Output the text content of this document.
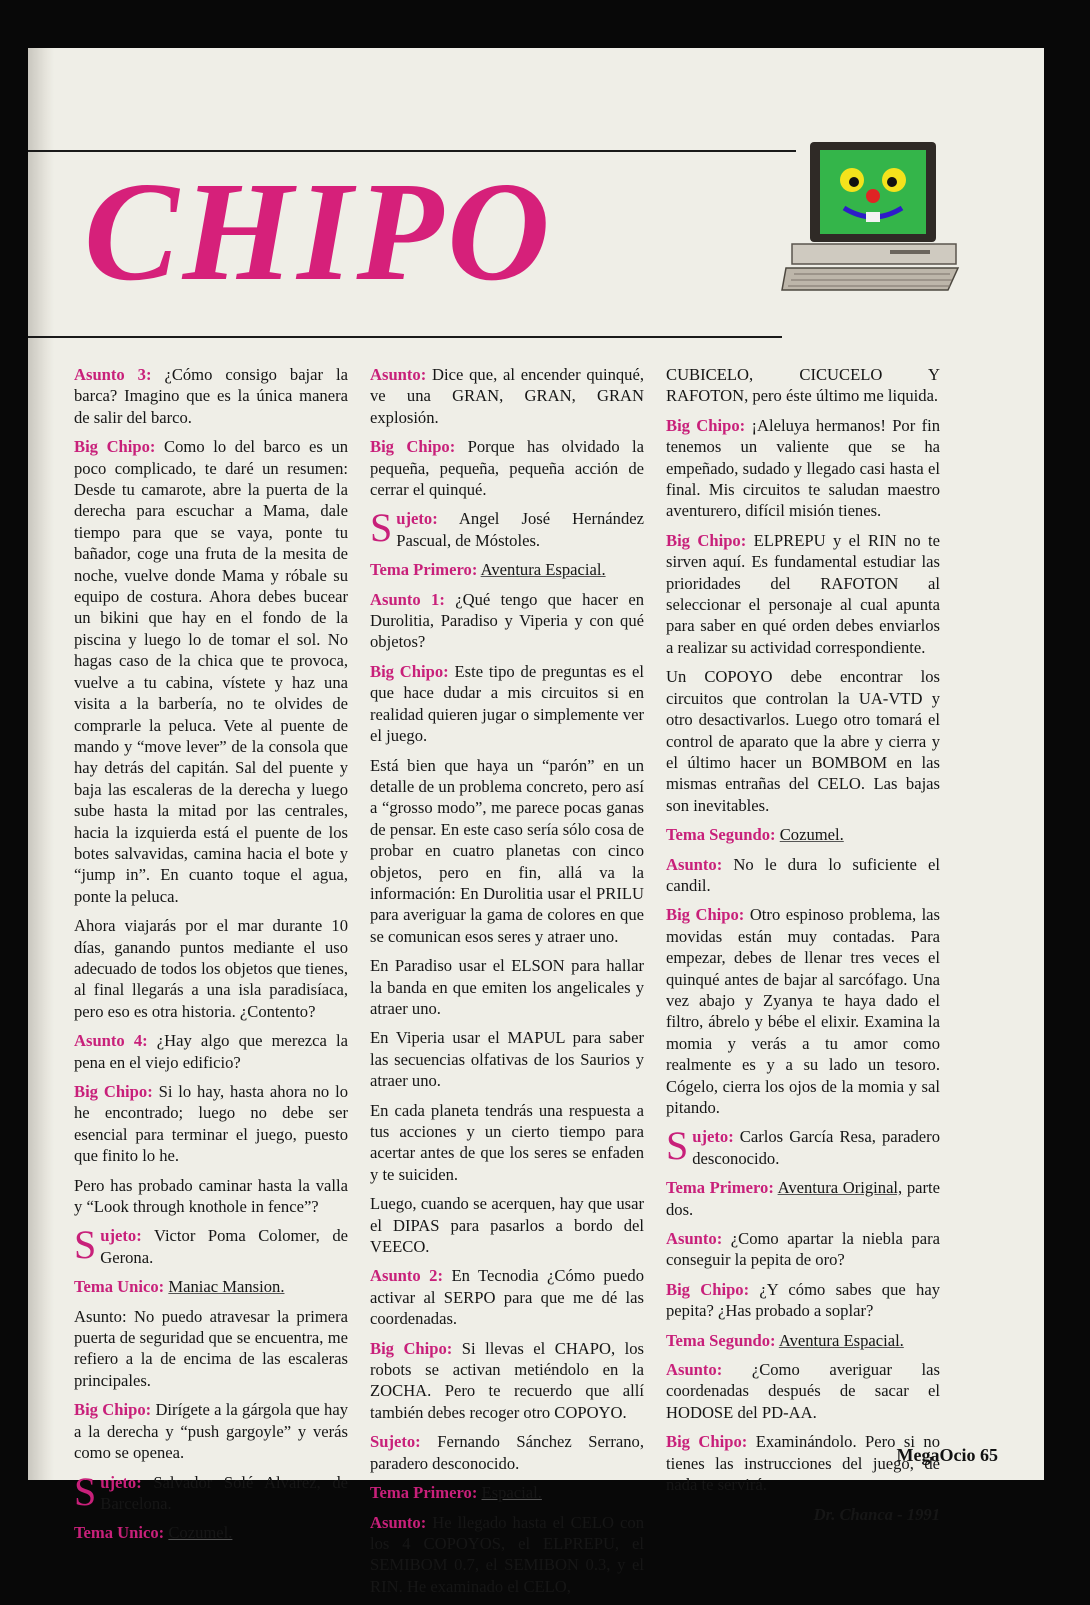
CHIPO

Asunto 3: ¿Cómo consigo bajar la barca? Imagino que es la única manera de salir del barco.

Big Chipo: Como lo del barco es un poco complicado, te daré un resumen: Desde tu camarote, abre la puerta de la derecha para escuchar a Mama, dale tiempo para que se vaya, ponte tu bañador, coge una fruta de la mesita de noche, vuelve donde Mama y róbale su equipo de costura. Ahora debes bucear un bikini que hay en el fondo de la piscina y luego lo de tomar el sol. No hagas caso de la chica que te provoca, vuelve a tu cabina, vístete y haz una visita a la barbería, no te olvides de comprarle la peluca. Vete al puente de mando y “move lever” de la consola que hay detrás del capitán. Sal del puente y baja las escaleras de la derecha y luego sube hasta la mitad por las centrales, hacia la izquierda está el puente de los botes salvavidas, camina hacia el bote y “jump in”. En cuanto toque el agua, ponte la peluca.

Ahora viajarás por el mar durante 10 días, ganando puntos mediante el uso adecuado de todos los objetos que tienes, al final llegarás a una isla paradisíaca, pero eso es otra historia. ¿Contento?

Asunto 4: ¿Hay algo que merezca la pena en el viejo edificio?

Big Chipo: Si lo hay, hasta ahora no lo he encontrado; luego no debe ser esencial para terminar el juego, puesto que finito lo he.

Pero has probado caminar hasta la valla y “Look through knothole in fence”?

Sujeto: Victor Poma Colomer, de Gerona.

Tema Unico: Maniac Mansion.

Asunto: No puedo atravesar la primera puerta de seguridad que se encuentra, me refiero a la de encima de las escaleras principales.

Big Chipo: Dirígete a la gárgola que hay a la derecha y “push gargoyle” y verás como se openea.

Sujeto: Salvador Solé Alvarez, de Barcelona.

Tema Unico: Cozumel.

Asunto: Dice que, al encender quinqué, ve una GRAN, GRAN, GRAN explosión.

Big Chipo: Porque has olvidado la pequeña, pequeña, pequeña acción de cerrar el quinqué.

Sujeto: Angel José Hernández Pascual, de Móstoles.

Tema Primero: Aventura Espacial.

Asunto 1: ¿Qué tengo que hacer en Durolitia, Paradiso y Viperia y con qué objetos?

Big Chipo: Este tipo de preguntas es el que hace dudar a mis circuitos si en realidad quieren jugar o simplemente ver el juego.

Está bien que haya un “parón” en un detalle de un problema concreto, pero así a “grosso modo”, me parece pocas ganas de pensar. En este caso sería sólo cosa de probar en cuatro planetas con cinco objetos, pero en fin, allá va la información: En Durolitia usar el PRILU para averiguar la gama de colores en que se comunican esos seres y atraer uno.

En Paradiso usar el ELSON para hallar la banda en que emiten los angelicales y atraer uno.

En Viperia usar el MAPUL para saber las secuencias olfativas de los Saurios y atraer uno.

En cada planeta tendrás una respuesta a tus acciones y un cierto tiempo para acertar antes de que los seres se enfaden y te suiciden.

Luego, cuando se acerquen, hay que usar el DIPAS para pasarlos a bordo del VEECO.

Asunto 2: En Tecnodia ¿Cómo puedo activar al SERPO para que me dé las coordenadas.

Big Chipo: Si llevas el CHAPO, los robots se activan metiéndolo en la ZOCHA. Pero te recuerdo que allí también debes recoger otro COPOYO.

Sujeto: Fernando Sánchez Serrano, paradero desconocido.

Tema Primero: Espacial.

Asunto: He llegado hasta el CELO con los 4 COPOYOS, el ELPREPU, el SEMIBOM 0.7, el SEMIBON 0.3, y el RIN. He examinado el CELO,

CUBICELO, CICUCELO Y RAFOTON, pero éste último me liquida.

Big Chipo: ¡Aleluya hermanos! Por fin tenemos un valiente que se ha empeñado, sudado y llegado casi hasta el final. Mis circuitos te saludan maestro aventurero, difícil misión tienes.

Big Chipo: ELPREPU y el RIN no te sirven aquí. Es fundamental estudiar las prioridades del RAFOTON al seleccionar el personaje al cual apunta para saber en qué orden debes enviarlos a realizar su actividad correspondiente.

Un COPOYO debe encontrar los circuitos que controlan la UA-VTD y otro desactivarlos. Luego otro tomará el control de aparato que la abre y cierra y el último hacer un BOMBOM en las mismas entrañas del CELO. Las bajas son inevitables.

Tema Segundo: Cozumel.

Asunto: No le dura lo suficiente el candil.

Big Chipo: Otro espinoso problema, las movidas están muy contadas. Para empezar, debes de llenar tres veces el quinqué antes de bajar al sarcófago. Una vez abajo y Zyanya te haya dado el filtro, ábrelo y bébe el elixir. Examina la momia y verás a tu amor como realmente es y a su lado un tesoro. Cógelo, cierra los ojos de la momia y sal pitando.

Sujeto: Carlos García Resa, paradero desconocido.

Tema Primero: Aventura Original, parte dos.

Asunto: ¿Como apartar la niebla para conseguir la pepita de oro?

Big Chipo: ¿Y cómo sabes que hay pepita? ¿Has probado a soplar?

Tema Segundo: Aventura Espacial.

Asunto: ¿Como averiguar las coordenadas después de sacar el HODOSE del PD-AA.

Big Chipo: Examinándolo. Pero si no tienes las instrucciones del juego, de nada te servirá.

Dr. Chanca - 1991

MegaOcio 65
